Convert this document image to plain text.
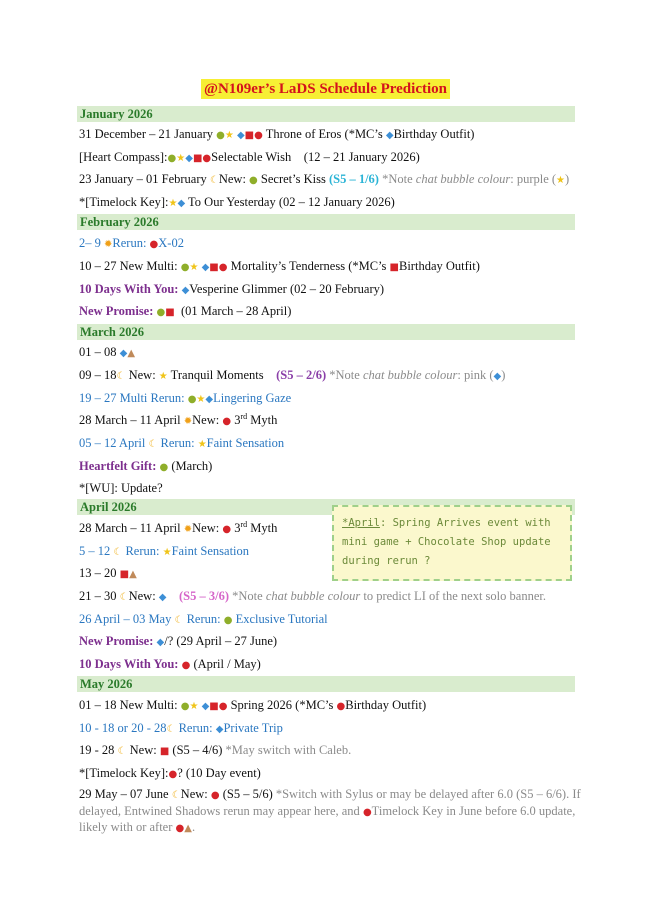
@N109er’s LaDS Schedule Prediction
January 2026
31 December – 21 January ●★ ◆■● Throne of Eros (*MC’s ◆Birthday Outfit)
[Heart Compass]:●★◆■●Selectable Wish (12 – 21 January 2026)
23 January – 01 February ☾New: ● Secret’s Kiss (S5 – 1/6) *Note chat bubble colour: purple (★)
*[Timelock Key]:★◆ To Our Yesterday (02 – 12 January 2026)
February 2026
2– 9 ✹Rerun: ●X-02
10 – 27 New Multi: ●★ ◆■● Mortality’s Tenderness (*MC’s ■Birthday Outfit)
10 Days With You: ◆Vesperine Glimmer (02 – 20 February)
New Promise: ●■ (01 March – 28 April)
March 2026
01 – 08 ◆▲
09 – 18☾ New: ★ Tranquil Moments (S5 – 2/6) *Note chat bubble colour: pink (◆)
19 – 27 Multi Rerun: ●★◆Lingering Gaze
28 March – 11 April ✹New: ● 3rd Myth
05 – 12 April ☾ Rerun: ★Faint Sensation
Heartfelt Gift: ● (March)
*[WU]: Update?
April 2026
28 March – 11 April ✹New: ● 3rd Myth
5 – 12 ☾ Rerun: ★Faint Sensation
13 – 20 ■▲
21 – 30 ☾New: ◆ (S5 – 3/6) *Note chat bubble colour to predict LI of the next solo banner.
26 April – 03 May ☾ Rerun: ● Exclusive Tutorial
New Promise: ◆/? (29 April – 27 June)
10 Days With You: ● (April / May)
May 2026
01 – 18 New Multi: ●★ ◆■● Spring 2026 (*MC’s ●Birthday Outfit)
10 - 18 or 20 - 28☾ Rerun: ◆Private Trip
19 - 28 ☾ New: ■ (S5 – 4/6) *May switch with Caleb.
*[Timelock Key]:●? (10 Day event)
29 May – 07 June ☾New: ● (S5 – 5/6) *Switch with Sylus or may be delayed after 6.0 (S5 – 6/6). If delayed, Entwined Shadows rerun may appear here, and ●Timelock Key in June before 6.0 update, likely with or after ●▲.
*April: Spring Arrives event with mini game + Chocolate Shop update during rerun ?
